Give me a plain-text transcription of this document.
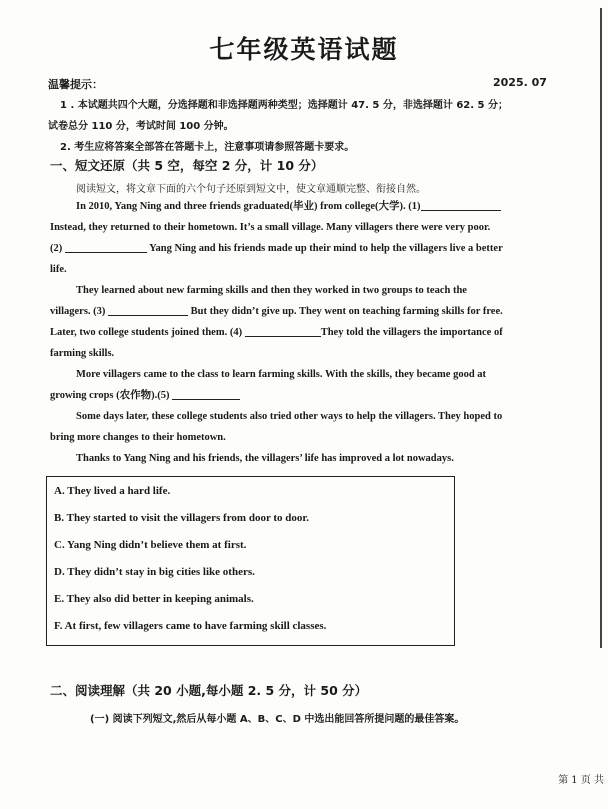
七年级英语试题
温馨提示：	2025. 07
1 . 本试题共四个大题，分选择题和非选择题两种类型；选择题计 47. 5 分，非选择题计 62. 5 分；
试卷总分 110 分，考试时间 100 分钟。
2. 考生应将答案全部答在答题卡上，注意事项请参照答题卡要求。
一、短文还原（共 5 空，每空 2 分，计 10 分）
阅读短文，将文章下面的六个句子还原到短文中，使文章通顺完整、衔接自然。

In 2010, Yang Ning and three friends graduated(毕业) from college(大学). (1)

Instead, they returned to their hometown. It’s a small village. Many villagers there were very poor.

(2)	Yang Ning and his friends made up their mind to help the villagers live a better

life.

They learned about new farming skills and then they worked in two groups to teach the

villagers. (3)	But they didn’t give up. They went on teaching farming skills for free.

Later, two college students joined them. (4)	They told the villagers the importance of

farming skills.

More villagers came to the class to learn farming skills. With the skills, they became good at

growing crops (农作物).(5)

Some days later, these college students also tried other ways to help the villagers. They hoped to

bring more changes to their hometown.

Thanks to Yang Ning and his friends, the villagers’ life has improved a lot nowadays.

A. They lived a hard life.
B. They started to visit the villagers from door to door.
C. Yang Ning didn’t believe them at first.
D. They didn’t stay in big cities like others.
E. They also did better in keeping animals.
F. At first, few villagers came to have farming skill classes.
二、阅读理解（共 20 小题,每小题 2. 5 分，计 50 分）
(一) 阅读下列短文,然后从每小题 A、B、C、D 中选出能回答所提问题的最佳答案。
第 1 页 共
